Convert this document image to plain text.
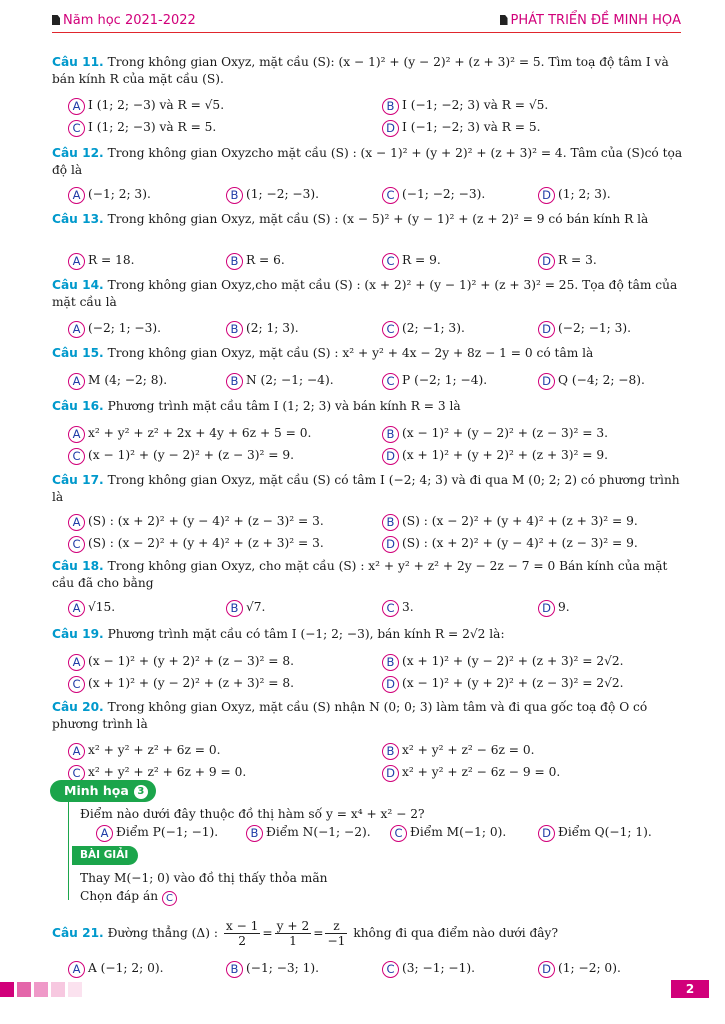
Năm học 2021-2022	PHÁT TRIỂN ĐỀ MINH HỌA
Câu 11. Trong không gian Oxyz, mặt cầu (S): (x − 1)² + (y − 2)² + (z + 3)² = 5. Tìm toạ độ tâm I và bán kính R của mặt cầu (S).
A I (1; 2; −3) và R = √5.	B I (−1; −2; 3) và R = √5.
C I (1; 2; −3) và R = 5.	D I (−1; −2; 3) và R = 5.
Câu 12. Trong không gian Oxyzcho mặt cầu (S) : (x − 1)² + (y + 2)² + (z + 3)² = 4. Tâm của (S)có tọa độ là
A (−1; 2; 3).	B (1; −2; −3).	C (−1; −2; −3).	D (1; 2; 3).
Câu 13. Trong không gian Oxyz, mặt cầu (S) : (x − 5)² + (y − 1)² + (z + 2)² = 9 có bán kính R là
A R = 18.	B R = 6.	C R = 9.	D R = 3.
Câu 14. Trong không gian Oxyz,cho mặt cầu (S) : (x + 2)² + (y − 1)² + (z + 3)² = 25. Tọa độ tâm của mặt cầu là
A (−2; 1; −3).	B (2; 1; 3).	C (2; −1; 3).	D (−2; −1; 3).
Câu 15. Trong không gian Oxyz, mặt cầu (S) : x² + y² + 4x − 2y + 8z − 1 = 0 có tâm là
A M (4; −2; 8).	B N (2; −1; −4).	C P (−2; 1; −4).	D Q (−4; 2; −8).
Câu 16. Phương trình mặt cầu tâm I (1; 2; 3) và bán kính R = 3 là
A x² + y² + z² + 2x + 4y + 6z + 5 = 0.	B (x − 1)² + (y − 2)² + (z − 3)² = 3.
C (x − 1)² + (y − 2)² + (z − 3)² = 9.	D (x + 1)² + (y + 2)² + (z + 3)² = 9.
Câu 17. Trong không gian Oxyz, mặt cầu (S) có tâm I (−2; 4; 3) và đi qua M (0; 2; 2) có phương trình là
A (S) : (x + 2)² + (y − 4)² + (z − 3)² = 3.	B (S) : (x − 2)² + (y + 4)² + (z + 3)² = 9.
C (S) : (x − 2)² + (y + 4)² + (z + 3)² = 3.	D (S) : (x + 2)² + (y − 4)² + (z − 3)² = 9.
Câu 18. Trong không gian Oxyz, cho mặt cầu (S) : x² + y² + z² + 2y − 2z − 7 = 0 Bán kính của mặt cầu đã cho bằng
A √15.	B √7.	C 3.	D 9.
Câu 19. Phương trình mặt cầu có tâm I (−1; 2; −3), bán kính R = 2√2 là:
A (x − 1)² + (y + 2)² + (z − 3)² = 8.	B (x + 1)² + (y − 2)² + (z + 3)² = 2√2.
C (x + 1)² + (y − 2)² + (z + 3)² = 8.	D (x − 1)² + (y + 2)² + (z − 3)² = 2√2.
Câu 20. Trong không gian Oxyz, mặt cầu (S) nhận N (0; 0; 3) làm tâm và đi qua gốc toạ độ O có phương trình là
A x² + y² + z² + 6z = 0.	B x² + y² + z² − 6z = 0.
C x² + y² + z² + 6z + 9 = 0.	D x² + y² + z² − 6z − 9 = 0.
Minh họa 3
Điểm nào dưới đây thuộc đồ thị hàm số y = x⁴ + x² − 2?
A Điểm P(−1; −1).	B Điểm N(−1; −2).	C Điểm M(−1; 0).	D Điểm Q(−1; 1).
BÀI GIẢI
Thay M(−1; 0) vào đồ thị thấy thỏa mãn
Chọn đáp án C
Câu 21. Đường thẳng (Δ) : $\frac{x - 1}{2} = \frac{y + 2}{1} = \frac{z}{-1}$ không đi qua điểm nào dưới đây?
A A (−1; 2; 0).	B (−1; −3; 1).	C (3; −1; −1).	D (1; −2; 0).
2
